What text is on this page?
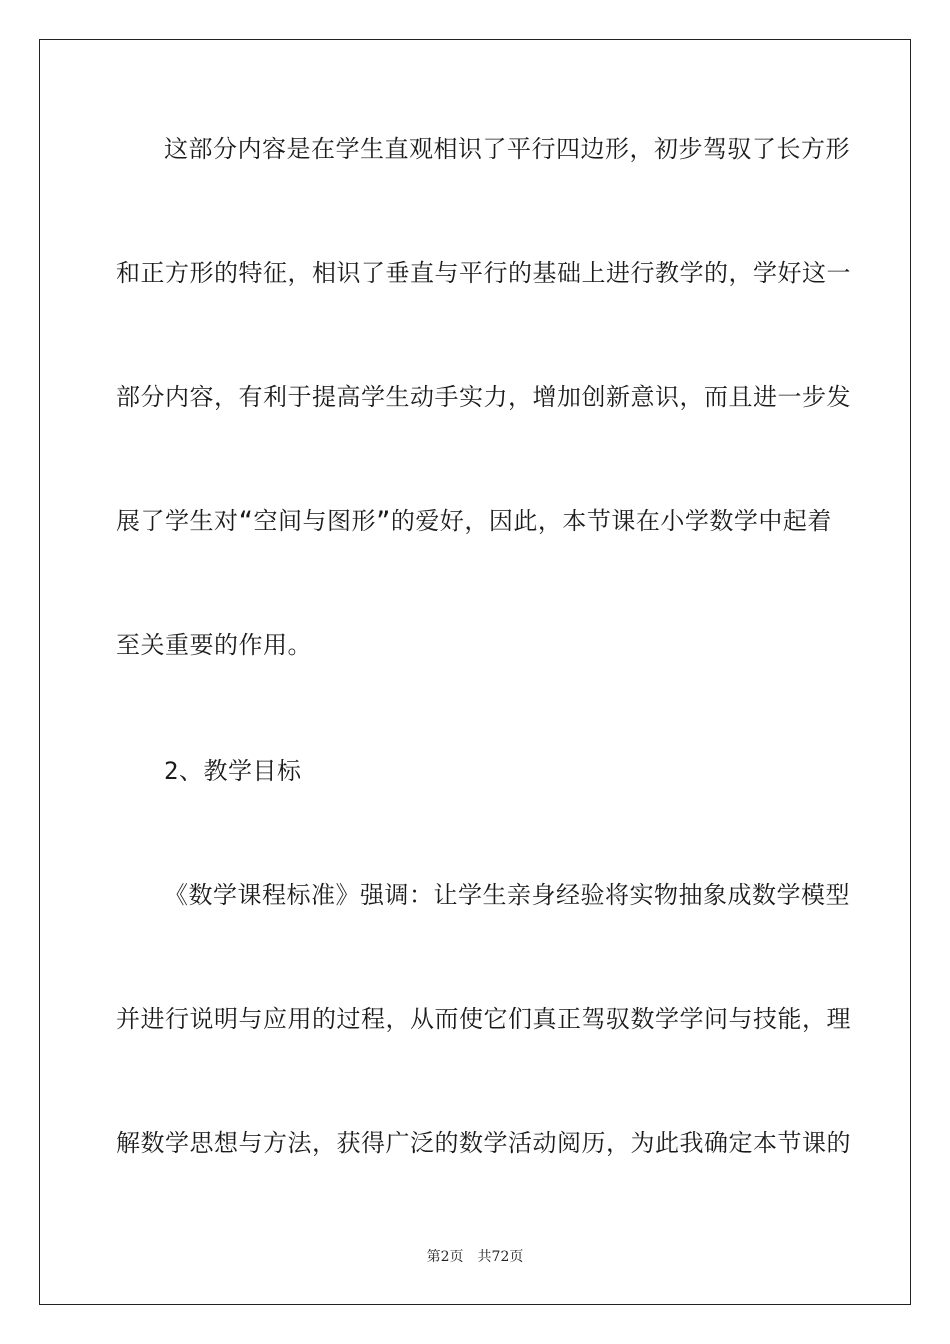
这部分内容是在学生直观相识了平行四边形，初步驾驭了长方形
和正方形的特征，相识了垂直与平行的基础上进行教学的，学好这一
部分内容，有利于提高学生动手实力，增加创新意识，而且进一步发
展了学生对“空间与图形”的爱好，因此，本节课在小学数学中起着
至关重要的作用。
2、教学目标
《数学课程标准》强调：让学生亲身经验将实物抽象成数学模型
并进行说明与应用的过程，从而使它们真正驾驭数学学问与技能，理
解数学思想与方法，获得广泛的数学活动阅历，为此我确定本节课的
第2页 共72页
